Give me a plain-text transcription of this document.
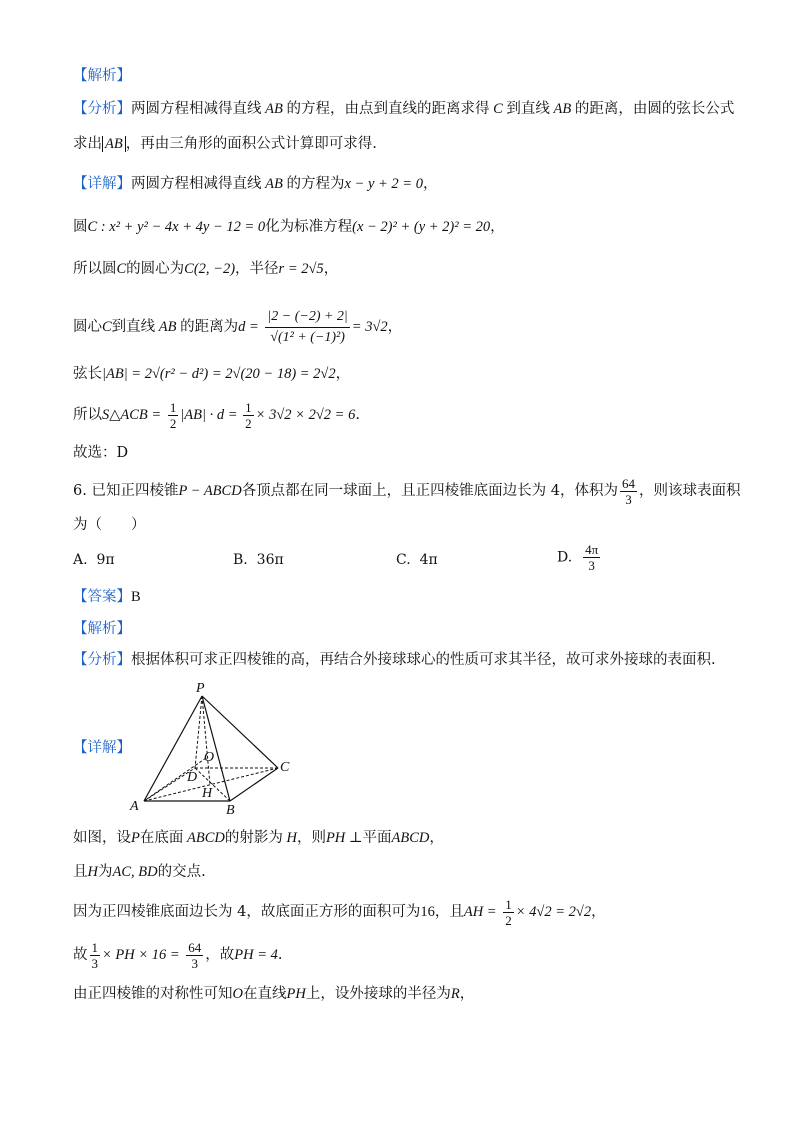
【解析】
【分析】两圆方程相减得直线 AB 的方程，由点到直线的距离求得 C 到直线 AB 的距离，由圆的弦长公式
求出 AB ，再由三角形的面积公式计算即可求得.
【详解】两圆方程相减得直线 AB 的方程为x − y + 2 = 0，
圆C : x² + y² − 4x + 4y − 12 = 0化为标准方程(x − 2)² + (y + 2)² = 20，
所以圆C的圆心为C(2, −2)，半径r = 2√5，
圆心C到直线 AB 的距离为$d = \frac{|2 - (-2) + 2|}{\text{√(1² + (−1)²)}} = 3√2$，
弦长|AB| = 2√(r² − d²) = 2√(20 − 18) = 2√2，
所以S△ACB = $\frac{1}{2} |AB| \cdot d = \frac{1}{2} \times 3√2 \times 2√2 = 6$.
故选：D
6. 已知正四棱锥P − ABCD各顶点都在同一球面上，且正四棱锥底面边长为 4，体积为 $\frac{64}{3}$ ，则该球表面积
为（　　）
A. 9π	B. 36π	C. 4π	D. $\frac{4\pi}{3}$
【答案】B
【解析】
【分析】根据体积可求正四棱锥的高，再结合外接球球心的性质可求其半径，故可求外接球的表面积.
【详解】
P
O
D
C
H
A	B
如图，设P在底面 ABCD的射影为 H，则PH ⊥平面ABCD，
且H为AC, BD的交点.
因为正四棱锥底面边长为 4，故底面正方形的面积可为16，且AH = $\frac{1}{2} \times 4√2 = 2√2$，
故 $\frac{1}{3}$ × PH × $16 = \frac{64}{3}$ ，故PH = 4.
由正四棱锥的对称性可知O在直线PH上，设外接球的半径为R，
